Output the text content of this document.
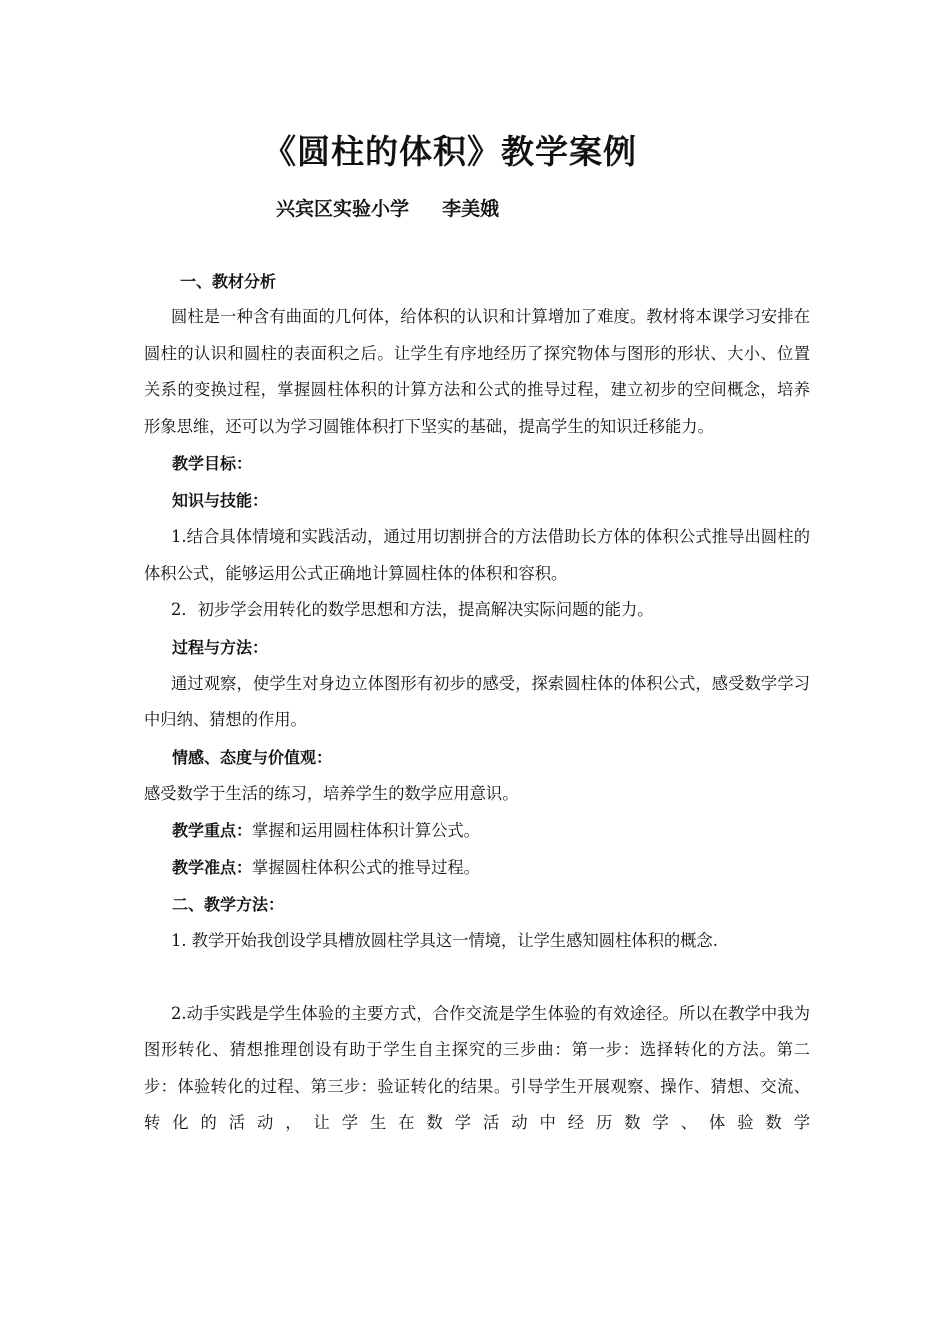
《圆柱的体积》教学案例
兴宾区实验小学     李美娥

一、教材分析

圆柱是一种含有曲面的几何体，给体积的认识和计算增加了难度。教材将本课学习安排在圆柱的认识和圆柱的表面积之后。让学生有序地经历了探究物体与图形的形状、大小、位置关系的变换过程，掌握圆柱体积的计算方法和公式的推导过程，建立初步的空间概念，培养形象思维，还可以为学习圆锥体积打下坚实的基础，提高学生的知识迁移能力。

教学目标：

知识与技能：

1.结合具体情境和实践活动，通过用切割拼合的方法借助长方体的体积公式推导出圆柱的体积公式，能够运用公式正确地计算圆柱体的体积和容积。

2．初步学会用转化的数学思想和方法，提高解决实际问题的能力。

过程与方法：

通过观察，使学生对身边立体图形有初步的感受，探索圆柱体的体积公式，感受数学学习中归纳、猜想的作用。

情感、态度与价值观：

感受数学于生活的练习，培养学生的数学应用意识。

教学重点：掌握和运用圆柱体积计算公式。

教学准点：掌握圆柱体积公式的推导过程。

二、教学方法：

1. 教学开始我创设学具槽放圆柱学具这一情境，让学生感知圆柱体积的概念.

2.动手实践是学生体验的主要方式，合作交流是学生体验的有效途径。所以在教学中我为图形转化、猜想推理创设有助于学生自主探究的三步曲：第一步：选择转化的方法。第二步：体验转化的过程、第三步：验证转化的结果。引导学生开展观察、操作、猜想、交流、转化的活动，让学生在数学活动中经历数学、体验数学
